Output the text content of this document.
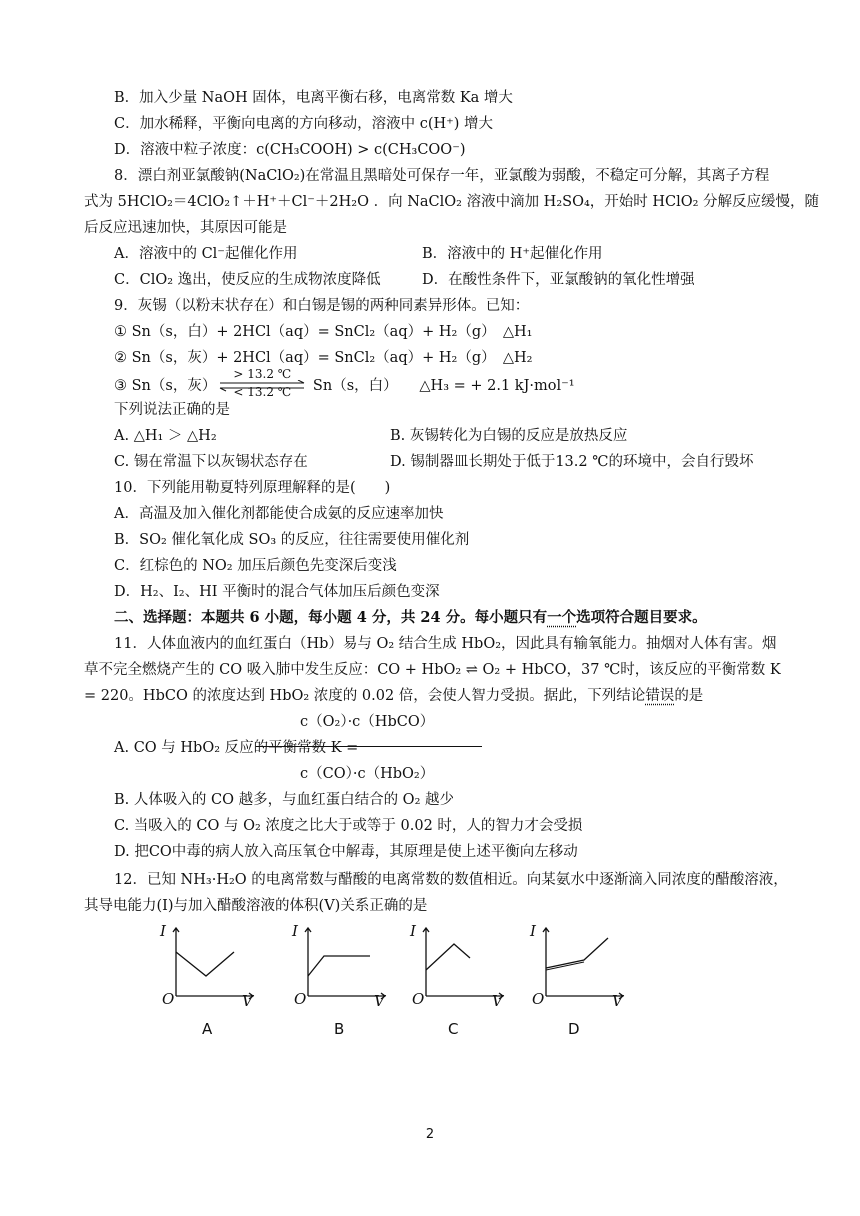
B．加入少量 NaOH 固体，电离平衡右移，电离常数 Ka 增大
C．加水稀释，平衡向电离的方向移动，溶液中 c(H⁺) 增大
D．溶液中粒子浓度：c(CH₃COOH) > c(CH₃COO⁻)
8．漂白剂亚氯酸钠(NaClO₂)在常温且黑暗处可保存一年，亚氯酸为弱酸，不稳定可分解，其离子方程
式为 5HClO₂＝4ClO₂↑＋H⁺＋Cl⁻＋2H₂O ．向 NaClO₂ 溶液中滴加 H₂SO₄，开始时 HClO₂ 分解反应缓慢，随
后反应迅速加快，其原因可能是
A．溶液中的 Cl⁻起催化作用	B．溶液中的 H⁺起催化作用
C．ClO₂ 逸出，使反应的生成物浓度降低	D．在酸性条件下，亚氯酸钠的氧化性增强
9．灰锡（以粉末状存在）和白锡是锡的两种同素异形体。已知：
① Sn（s，白）+ 2HCl（aq）= SnCl₂（aq）+ H₂（g）　△H₁
② Sn（s，灰）+ 2HCl（aq）= SnCl₂（aq）+ H₂（g）　△H₂
③ Sn（s，灰）
> 13.2 ℃
< 13.2 ℃	Sn（s，白）　　△H₃ = + 2.1 kJ·mol⁻¹
下列说法正确的是
A. △H₁ ＞ △H₂	B. 灰锡转化为白锡的反应是放热反应
C. 锡在常温下以灰锡状态存在	D. 锡制器皿长期处于低于13.2 ℃的环境中，会自行毁坏
10．下列能用勒夏特列原理解释的是(　　)
A．高温及加入催化剂都能使合成氨的反应速率加快
B．SO₂ 催化氧化成 SO₃ 的反应，往往需要使用催化剂
C．红棕色的 NO₂ 加压后颜色先变深后变浅
D．H₂、I₂、HI 平衡时的混合气体加压后颜色变深
二、选择题：本题共 6 小题，每小题 4 分，共 24 分。每小题只有一个选项符合题目要求。
11．人体血液内的血红蛋白（Hb）易与 O₂ 结合生成 HbO₂，因此具有输氧能力。抽烟对人体有害。烟
草不完全燃烧产生的 CO 吸入肺中发生反应：CO + HbO₂ ⇌ O₂ + HbCO，37 ℃时，该反应的平衡常数 K
= 220。HbCO 的浓度达到 HbO₂ 浓度的 0.02 倍，会使人智力受损。据此，下列结论错误的是
c（O₂）·c（HbCO）
A. CO 与 HbO₂ 反应的平衡常数 K =
c（CO）·c（HbO₂）
B. 人体吸入的 CO 越多，与血红蛋白结合的 O₂ 越少
C. 当吸入的 CO 与 O₂ 浓度之比大于或等于 0.02 时，人的智力才会受损
D. 把CO中毒的病人放入高压氧仓中解毒，其原理是使上述平衡向左移动
12．已知 NH₃·H₂O 的电离常数与醋酸的电离常数的数值相近。向某氨水中逐渐滴入同浓度的醋酸溶液，
其导电能力(I)与加入醋酸溶液的体积(V)关系正确的是
I
O	V
A
I
O	V
B
I
O	V
C
I
O	V
D
2
